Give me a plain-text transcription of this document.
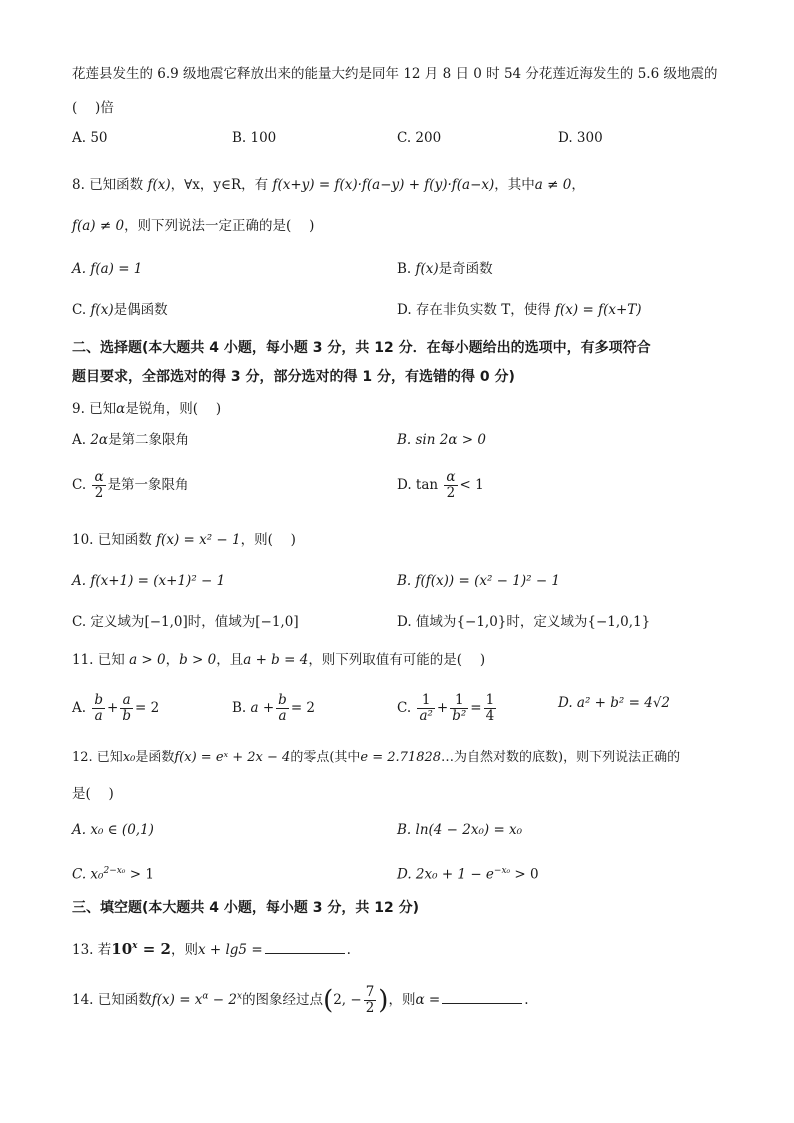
花莲县发生的 6.9 级地震它释放出来的能量大约是同年 12 月 8 日 0 时 54 分花莲近海发生的 5.6 级地震的
(　 )倍
A. 50	B. 100	C. 200	D. 300
8. 已知函数 f(x)，∀x，y∈R，有 f(x+y) = f(x)·f(a−y) + f(y)·f(a−x)，其中a ≠ 0，
f(a) ≠ 0，则下列说法一定正确的是(　 )
A. f(a) = 1	B. f(x)是奇函数
C. f(x)是偶函数	D. 存在非负实数 T，使得 f(x) = f(x+T)
二、选择题(本大题共 4 小题，每小题 3 分，共 12 分．在每小题给出的选项中，有多项符合
题目要求，全部选对的得 3 分，部分选对的得 1 分，有选错的得 0 分)
9. 已知α是锐角，则(　 )
A. 2α是第二象限角	B. sin 2α > 0
C. $\frac{\alpha}{2}$ 是第一象限角	D. $\tan \frac{\alpha}{2} < 1$
10. 已知函数 f(x) = x² − 1，则(　 )
A. f(x+1) = (x+1)² − 1	B. f(f(x)) = (x² − 1)² − 1
C. 定义域为[−1,0]时，值域为[−1,0]	D. 值域为{−1,0}时，定义域为{−1,0,1}
11. 已知 a > 0，b > 0，且a + b = 4，则下列取值有可能的是(　 )
A. $\frac{b}{a} + \frac{a}{b} = 2$	B. $a + \frac{b}{a} = 2$	C. $\frac{1}{\text{a²}} + \frac{1}{\text{b²}} = \frac{1}{4}$	D. a² + b² = 4√2
12. 已知x₀是函数f(x) = eˣ + 2x − 4的零点(其中e = 2.71828…为自然对数的底数)，则下列说法正确的
是(　 )
A. x₀ ∈ (0,1)	B. ln(4 − 2x₀) = x₀
C. x₀$^{2-x_0}$ > 1	D. $2x_0 + 1 - e^{-x_0} > 0$
三、填空题(本大题共 4 小题，每小题 3 分，共 12 分)
13. 若$10^x = 2$，则x + lg5 =	.
14. 已知函数$f(x) = x^\alpha - 2^x$的图象经过点(2, − $\frac{7}{2}$ )，则α =	.
